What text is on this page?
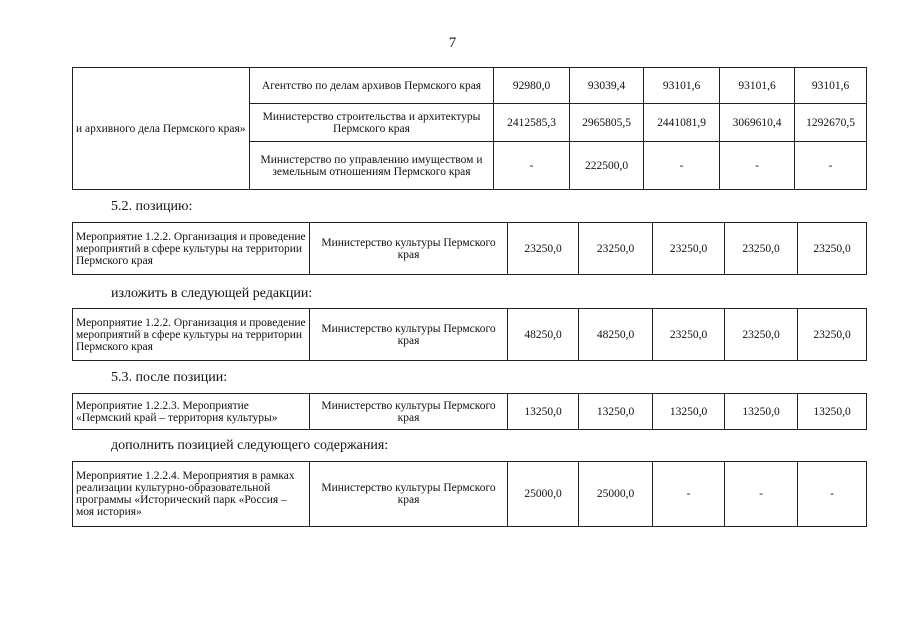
7
и архивного дела Пермского края»	Агентство по делам архивов Пермского края	92980,0	93039,4	93101,6	93101,6	93101,6
	Министерство строительства и архитектуры Пермского края	2412585,3	2965805,5	2441081,9	3069610,4	1292670,5
	Министерство по управлению имуществом и земельным отношениям Пермского края	-	222500,0	-	-	-
5.2. позицию:
Мероприятие 1.2.2. Организация и проведение мероприятий в сфере культуры на территории Пермского края	Министерство культуры Пермского края	23250,0	23250,0	23250,0	23250,0	23250,0
изложить в следующей редакции:
Мероприятие 1.2.2. Организация и проведение мероприятий в сфере культуры на территории Пермского края	Министерство культуры Пермского края	48250,0	48250,0	23250,0	23250,0	23250,0
5.3. после позиции:
Мероприятие 1.2.2.3. Мероприятие «Пермский край – территория культуры»	Министерство культуры Пермского края	13250,0	13250,0	13250,0	13250,0	13250,0
дополнить позицией следующего содержания:
Мероприятие 1.2.2.4. Мероприятия в рамках реализации культурно-образовательной программы «Исторический парк «Россия – моя история»	Министерство культуры Пермского края	25000,0	25000,0	-	-	-
